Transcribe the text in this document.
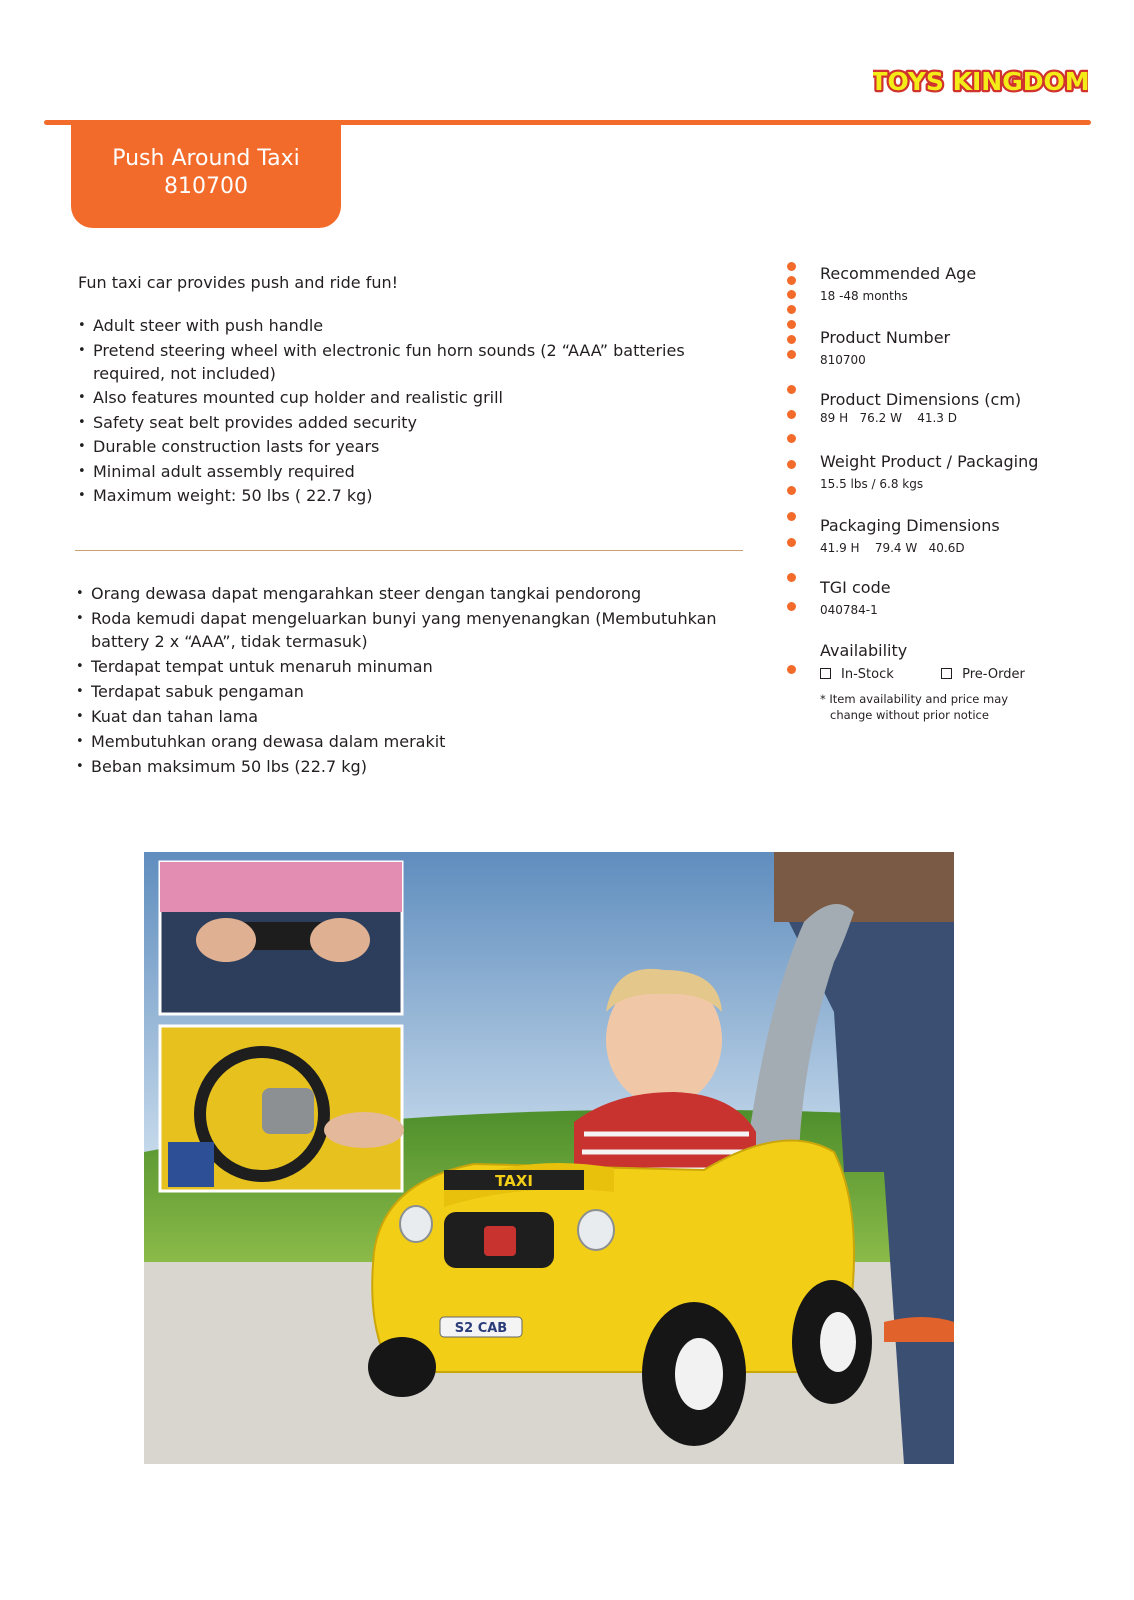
TOYS KINGDOM
Push Around Taxi
810700
Fun taxi car provides push and ride fun!
• Adult steer with push handle
• Pretend steering wheel with electronic fun horn sounds (2 “AAA” batteries required, not included)
• Also features mounted cup holder and realistic grill
• Safety seat belt provides added security
• Durable construction lasts for years
• Minimal adult assembly required
• Maximum weight: 50 lbs ( 22.7 kg)
• Orang dewasa dapat mengarahkan steer dengan tangkai pendorong
• Roda kemudi dapat mengeluarkan bunyi yang menyenangkan (Membutuhkan battery 2 x “AAA”, tidak termasuk)
• Terdapat tempat untuk menaruh minuman
• Terdapat sabuk pengaman
• Kuat dan tahan lama
• Membutuhkan orang dewasa dalam merakit
• Beban maksimum 50 lbs (22.7 kg)
Recommended Age
18 -48 months
Product Number
810700
Product Dimensions (cm)
89 H   76.2 W    41.3 D
Weight Product / Packaging
15.5 lbs / 6.8 kgs
Packaging Dimensions
41.9 H    79.4 W   40.6D
TGI code
040784-1
Availability
In-Stock	Pre-Order
* Item availability and price may
change without prior notice
TAXI
S2 CAB
